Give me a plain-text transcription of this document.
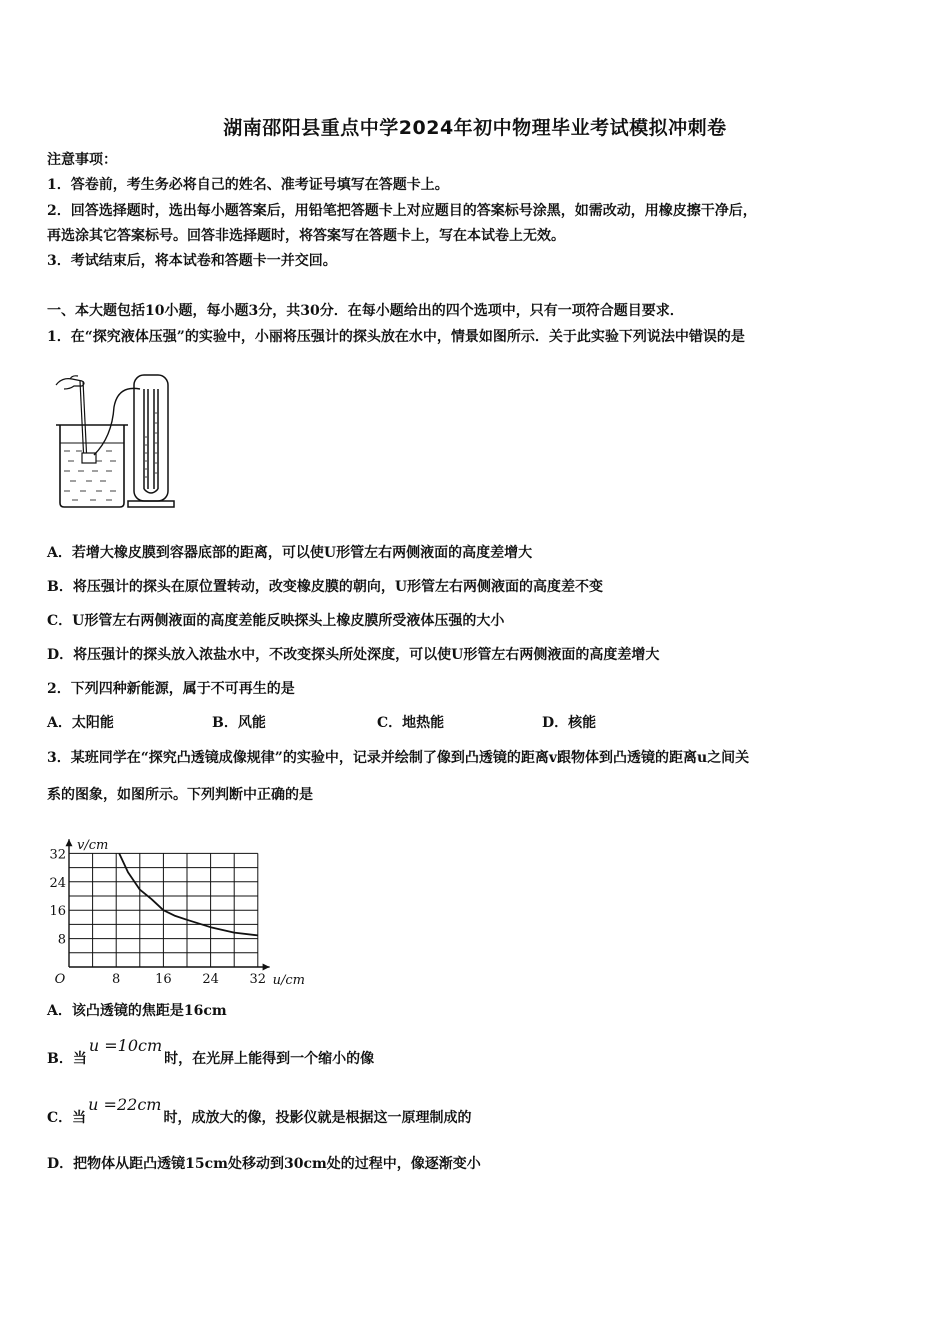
湖南邵阳县重点中学2024年初中物理毕业考试模拟冲刺卷
注意事项：
1．答卷前，考生务必将自己的姓名、准考证号填写在答题卡上。
2．回答选择题时，选出每小题答案后，用铅笔把答题卡上对应题目的答案标号涂黑，如需改动，用橡皮擦干净后，
再选涂其它答案标号。回答非选择题时，将答案写在答题卡上，写在本试卷上无效。
3．考试结束后，将本试卷和答题卡一并交回。
一、本大题包括10小题，每小题3分，共30分．在每小题给出的四个选项中，只有一项符合题目要求．
1．在“探究液体压强”的实验中，小丽将压强计的探头放在水中，情景如图所示．关于此实验下列说法中错误的是
A．若增大橡皮膜到容器底部的距离，可以使U形管左右两侧液面的高度差增大
B．将压强计的探头在原位置转动，改变橡皮膜的朝向，U形管左右两侧液面的高度差不变
C．U形管左右两侧液面的高度差能反映探头上橡皮膜所受液体压强的大小
D．将压强计的探头放入浓盐水中，不改变探头所处深度，可以使U形管左右两侧液面的高度差增大
2．下列四种新能源，属于不可再生的是
A．太阳能	B．风能	C．地热能	D．核能
3．某班同学在“探究凸透镜成像规律”的实验中，记录并绘制了像到凸透镜的距离v跟物体到凸透镜的距离u之间关
系的图象，如图所示。下列判断中正确的是
8	16 24 32
8
16
24
32
O	u/cm
v/cm
A．该凸透镜的焦距是16cm
B．当u =10cm时，在光屏上能得到一个缩小的像
C．当u =22cm时，成放大的像，投影仪就是根据这一原理制成的
D．把物体从距凸透镜15cm处移动到30cm处的过程中，像逐渐变小
